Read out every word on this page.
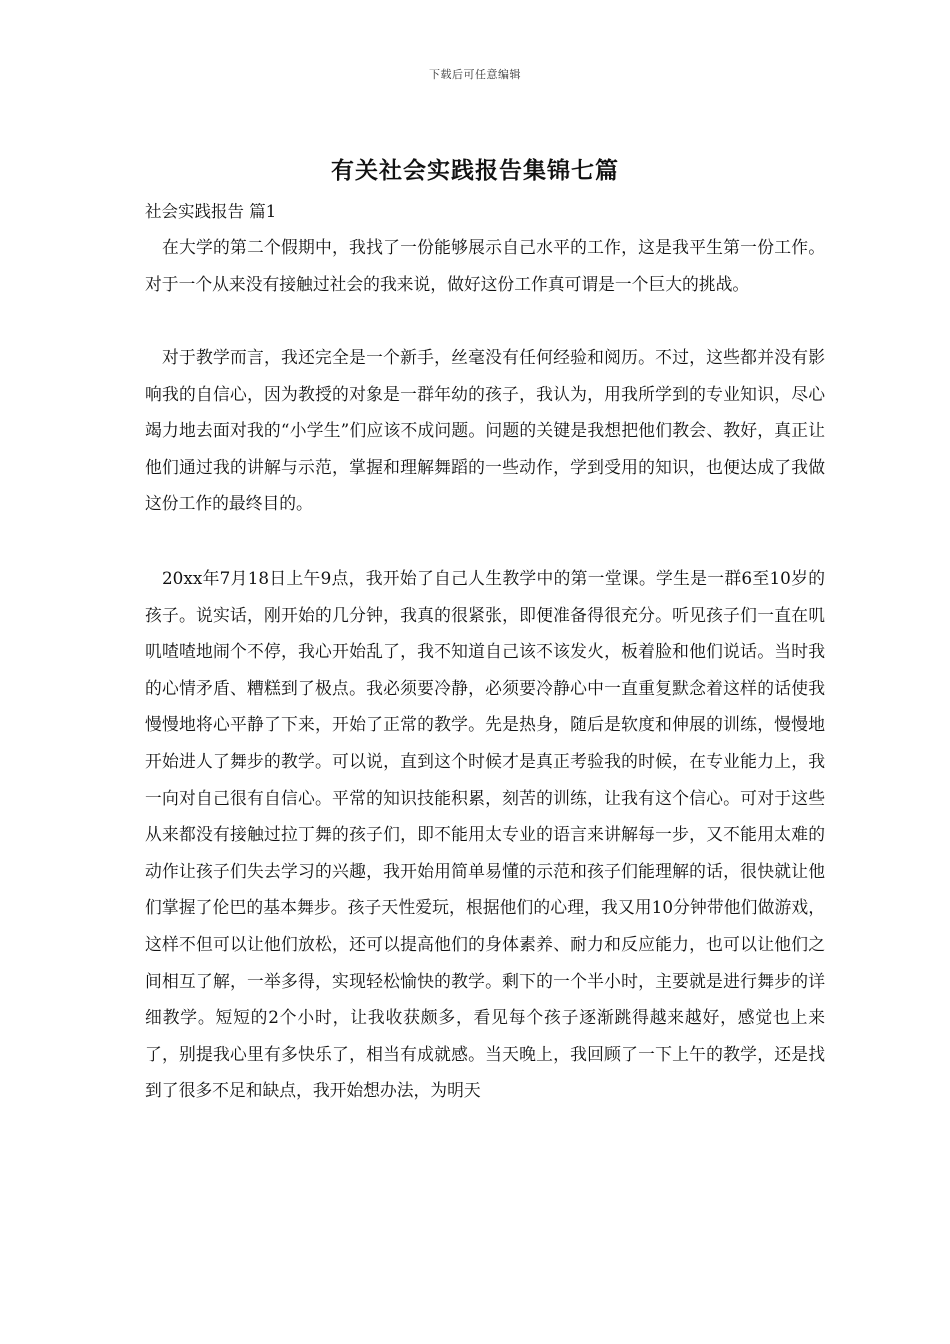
下载后可任意编辑
有关社会实践报告集锦七篇
社会实践报告 篇1

在大学的第二个假期中，我找了一份能够展示自己水平的工作，这是我平生第一份工作。对于一个从来没有接触过社会的我来说，做好这份工作真可谓是一个巨大的挑战。

对于教学而言，我还完全是一个新手，丝毫没有任何经验和阅历。不过，这些都并没有影响我的自信心，因为教授的对象是一群年幼的孩子，我认为，用我所学到的专业知识，尽心竭力地去面对我的“小学生”们应该不成问题。问题的关键是我想把他们教会、教好，真正让他们通过我的讲解与示范，掌握和理解舞蹈的一些动作，学到受用的知识，也便达成了我做这份工作的最终目的。

20xx年7月18日上午9点，我开始了自己人生教学中的第一堂课。学生是一群6至10岁的孩子。说实话，刚开始的几分钟，我真的很紧张，即便准备得很充分。听见孩子们一直在叽叽喳喳地闹个不停，我心开始乱了，我不知道自己该不该发火，板着脸和他们说话。当时我的心情矛盾、糟糕到了极点。我必须要冷静，必须要冷静心中一直重复默念着这样的话使我慢慢地将心平静了下来，开始了正常的教学。先是热身，随后是软度和伸展的训练，慢慢地开始进人了舞步的教学。可以说，直到这个时候才是真正考验我的时候，在专业能力上，我一向对自己很有自信心。平常的知识技能积累，刻苦的训练，让我有这个信心。可对于这些从来都没有接触过拉丁舞的孩子们，即不能用太专业的语言来讲解每一步，又不能用太难的动作让孩子们失去学习的兴趣，我开始用简单易懂的示范和孩子们能理解的话，很快就让他们掌握了伦巴的基本舞步。孩子天性爱玩，根据他们的心理，我又用10分钟带他们做游戏，这样不但可以让他们放松，还可以提高他们的身体素养、耐力和反应能力，也可以让他们之间相互了解，一举多得，实现轻松愉快的教学。剩下的一个半小时，主要就是进行舞步的详细教学。短短的2个小时，让我收获颇多，看见每个孩子逐渐跳得越来越好，感觉也上来了，别提我心里有多快乐了，相当有成就感。当天晚上，我回顾了一下上午的教学，还是找到了很多不足和缺点，我开始想办法，为明天
